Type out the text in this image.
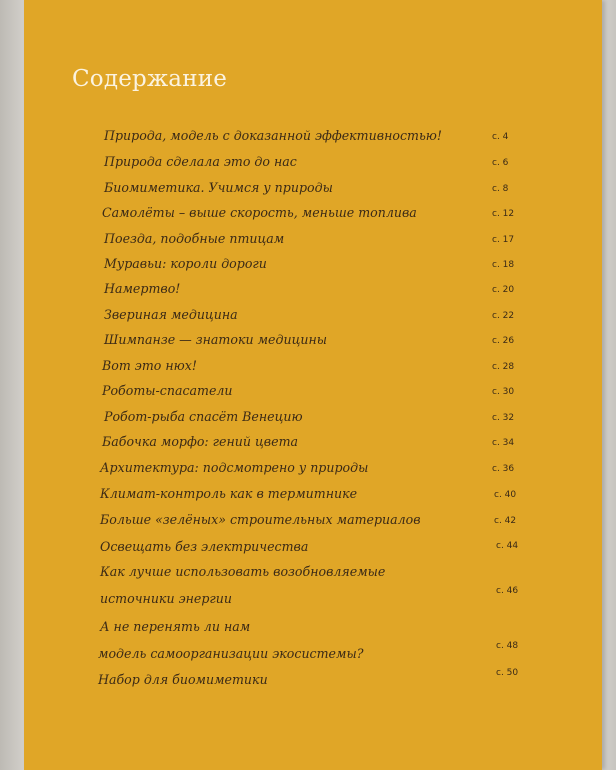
Содержание
Природа, модель с доказанной эффективностью!	с. 4
Природа сделала это до нас	с. 6
Биомиметика. Учимся у природы	с. 8
Самолёты – выше скорость, меньше топлива	с. 12
Поезда, подобные птицам	с. 17
Муравьи: короли дороги	с. 18
Намертво!	с. 20
Звериная медицина	с. 22
Шимпанзе — знатоки медицины	с. 26
Вот это нюх!	с. 28
Роботы-спасатели	с. 30
Робот-рыба спасёт Венецию	с. 32
Бабочка морфо: гений цвета	с. 34
Архитектура: подсмотрено у природы	с. 36
Климат-контроль как в термитнике	с. 40
Больше «зелёных» строительных материалов	с. 42
Освещать без электричества	с. 44
Как лучше использовать возобновляемые
источники энергии	с. 46
А не перенять ли нам
модель самоорганизации экосистемы?	с. 48
Набор для биомиметики	с. 50
